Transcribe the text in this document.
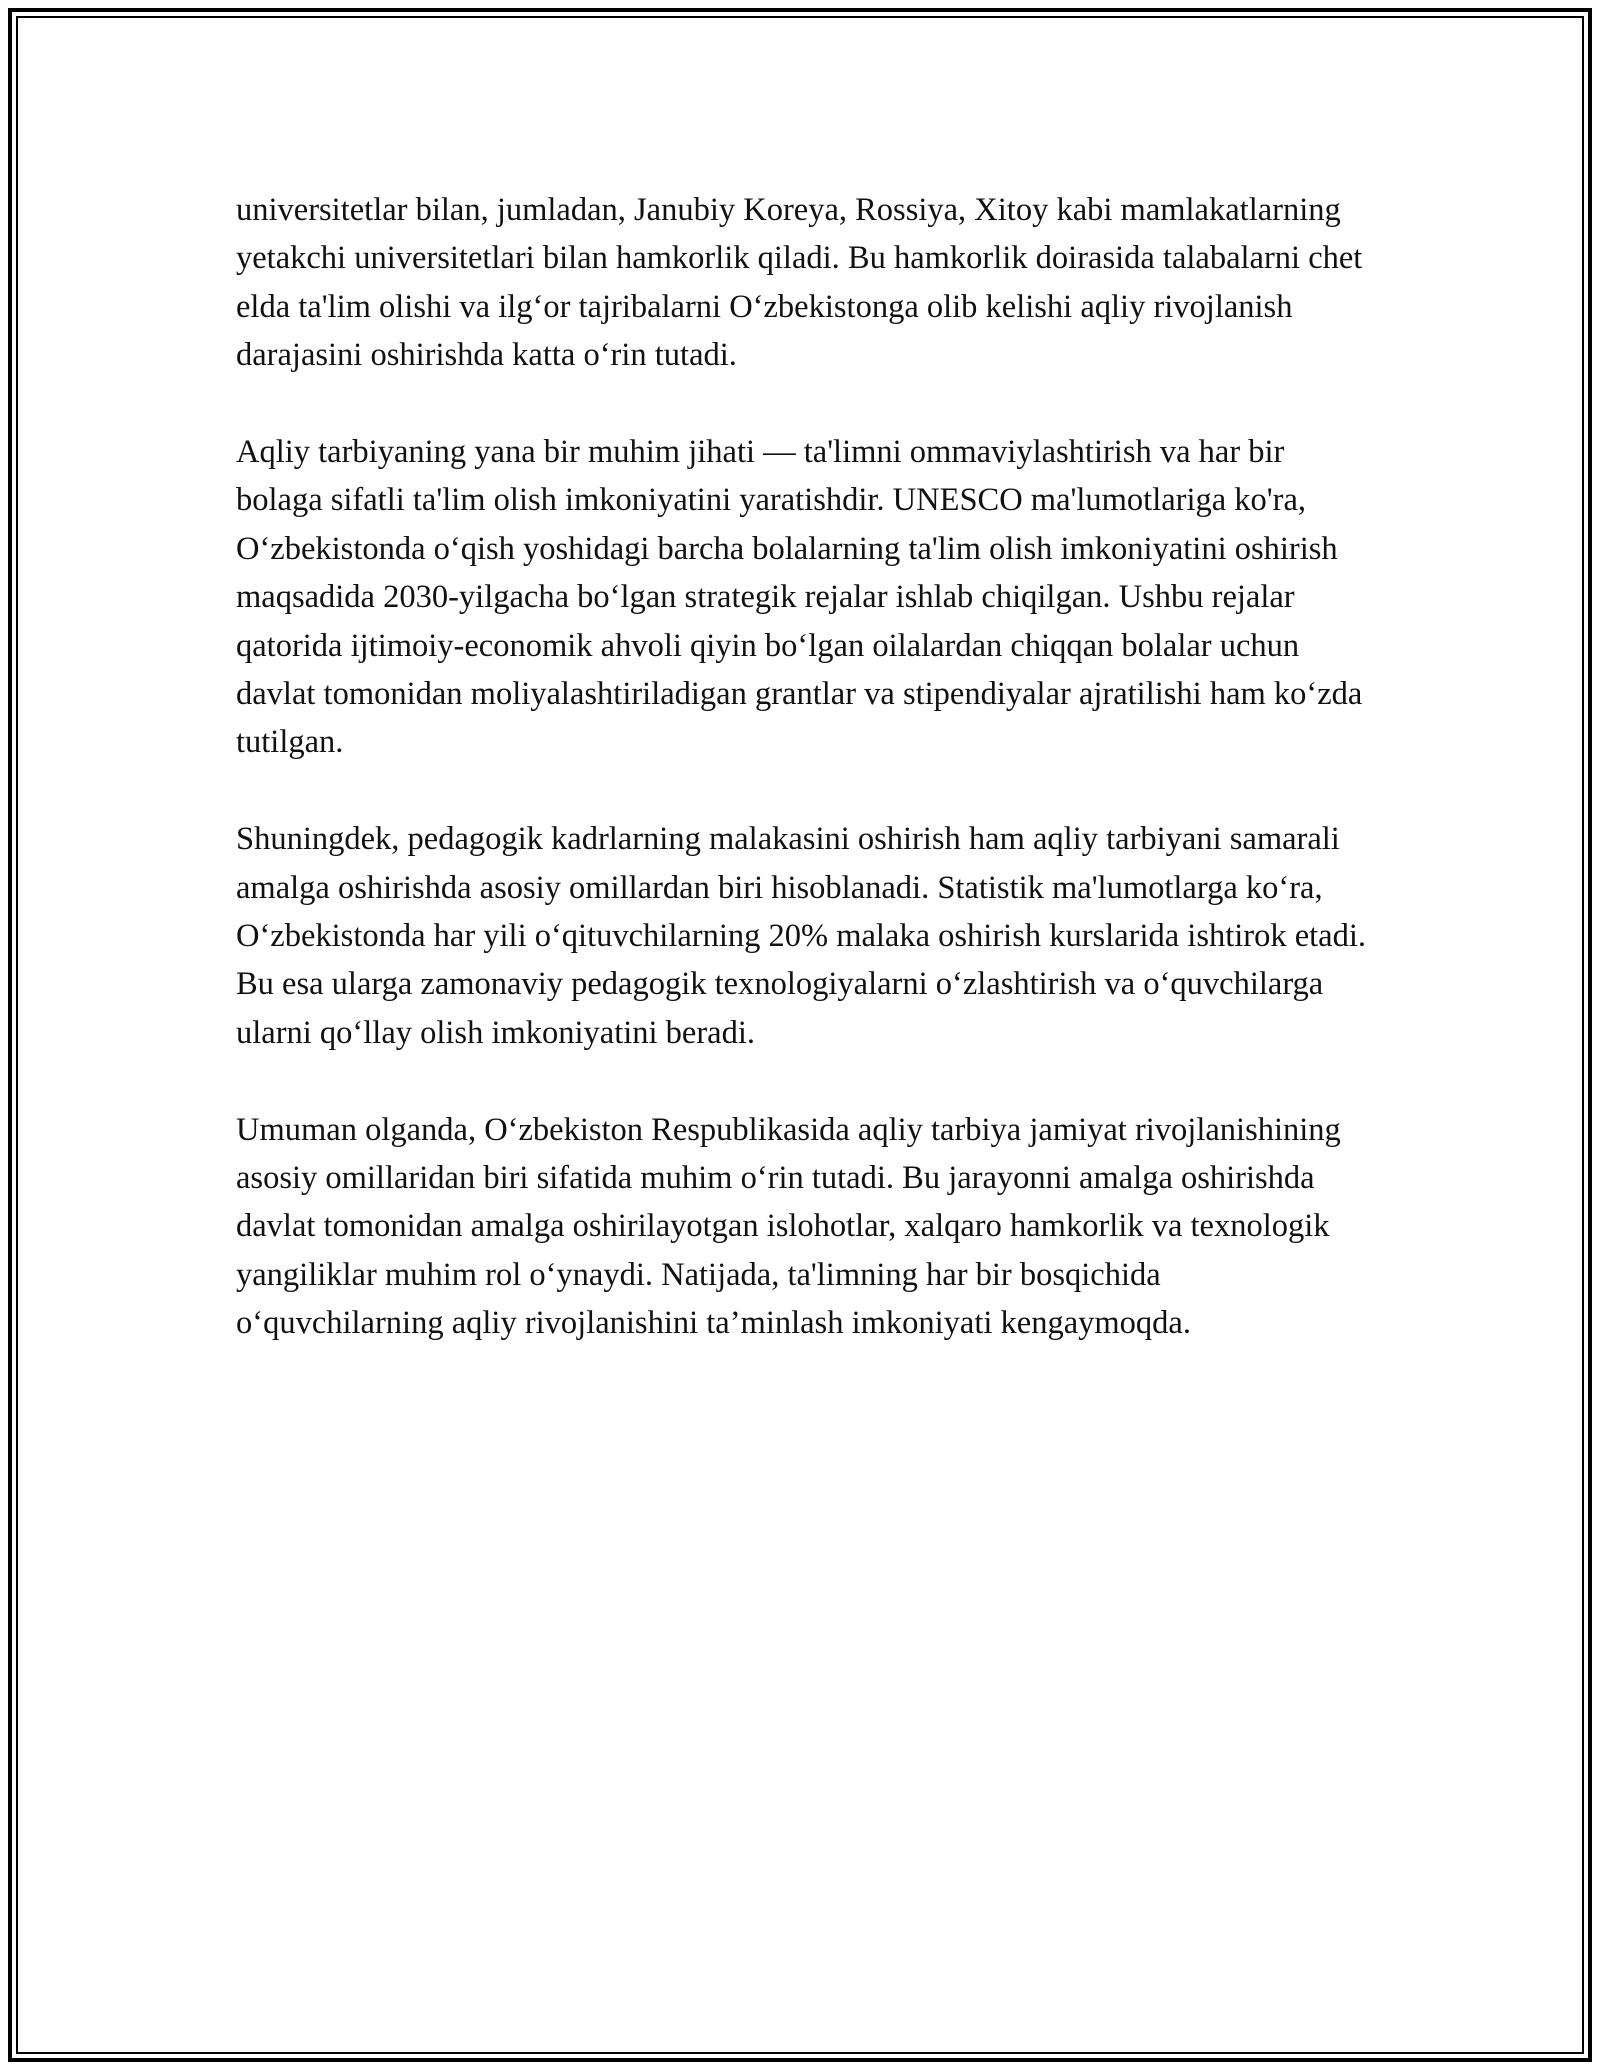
universitetlar bilan, jumladan, Janubiy Koreya, Rossiya, Xitoy kabi mamlakatlarning yetakchi universitetlari bilan hamkorlik qiladi. Bu hamkorlik doirasida talabalarni chet elda ta'lim olishi va ilg‘or tajribalarni O‘zbekistonga olib kelishi aqliy rivojlanish darajasini oshirishda katta o‘rin tutadi.

Aqliy tarbiyaning yana bir muhim jihati — ta'limni ommaviylashtirish va har bir bolaga sifatli ta'lim olish imkoniyatini yaratishdir. UNESCO ma'lumotlariga ko'ra, O‘zbekistonda o‘qish yoshidagi barcha bolalarning ta'lim olish imkoniyatini oshirish maqsadida 2030-yilgacha bo‘lgan strategik rejalar ishlab chiqilgan. Ushbu rejalar qatorida ijtimoiy-economik ahvoli qiyin bo‘lgan oilalardan chiqqan bolalar uchun davlat tomonidan moliyalashtiriladigan grantlar va stipendiyalar ajratilishi ham ko‘zda tutilgan.

Shuningdek, pedagogik kadrlarning malakasini oshirish ham aqliy tarbiyani samarali amalga oshirishda asosiy omillardan biri hisoblanadi. Statistik ma'lumotlarga ko‘ra, O‘zbekistonda har yili o‘qituvchilarning 20% malaka oshirish kurslarida ishtirok etadi. Bu esa ularga zamonaviy pedagogik texnologiyalarni o‘zlashtirish va o‘quvchilarga ularni qo‘llay olish imkoniyatini beradi.

Umuman olganda, O‘zbekiston Respublikasida aqliy tarbiya jamiyat rivojlanishining asosiy omillaridan biri sifatida muhim o‘rin tutadi. Bu jarayonni amalga oshirishda davlat tomonidan amalga oshirilayotgan islohotlar, xalqaro hamkorlik va texnologik yangiliklar muhim rol o‘ynaydi. Natijada, ta'limning har bir bosqichida o‘quvchilarning aqliy rivojlanishini ta’minlash imkoniyati kengaymoqda.
